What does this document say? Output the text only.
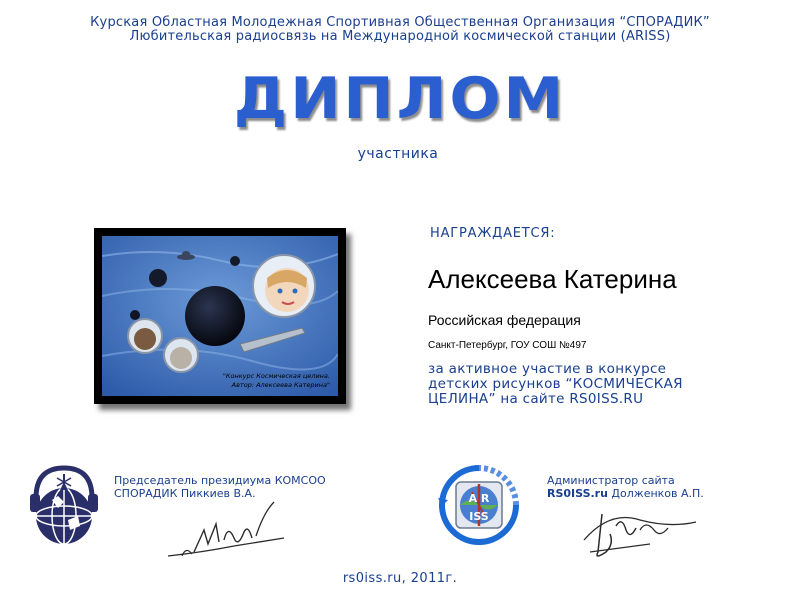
Курская Областная Молодежная Спортивная Общественная Организация “СПОРАДИК”
Любительская радиосвязь на Международной космической станции (ARISS)
ДИПЛОМ
участника
"Конкурс Космическая целина.
Автор: Алексеева Катерина"
НАГРАЖДАЕТСЯ:
Алексеева Катерина
Российская федерация
Санкт-Петербург, ГОУ СОШ №497
за активное участие в конкурсе
детских рисунков “КОСМИЧЕСКАЯ
ЦЕЛИНА” на сайте RS0ISS.RU
Председатель президиума КОМСОО
СПОРАДИК Пиккиев В.А.	A R
ISS
Администратор сайта
RS0ISS.ru Долженков А.П.
rs0iss.ru, 2011г.
